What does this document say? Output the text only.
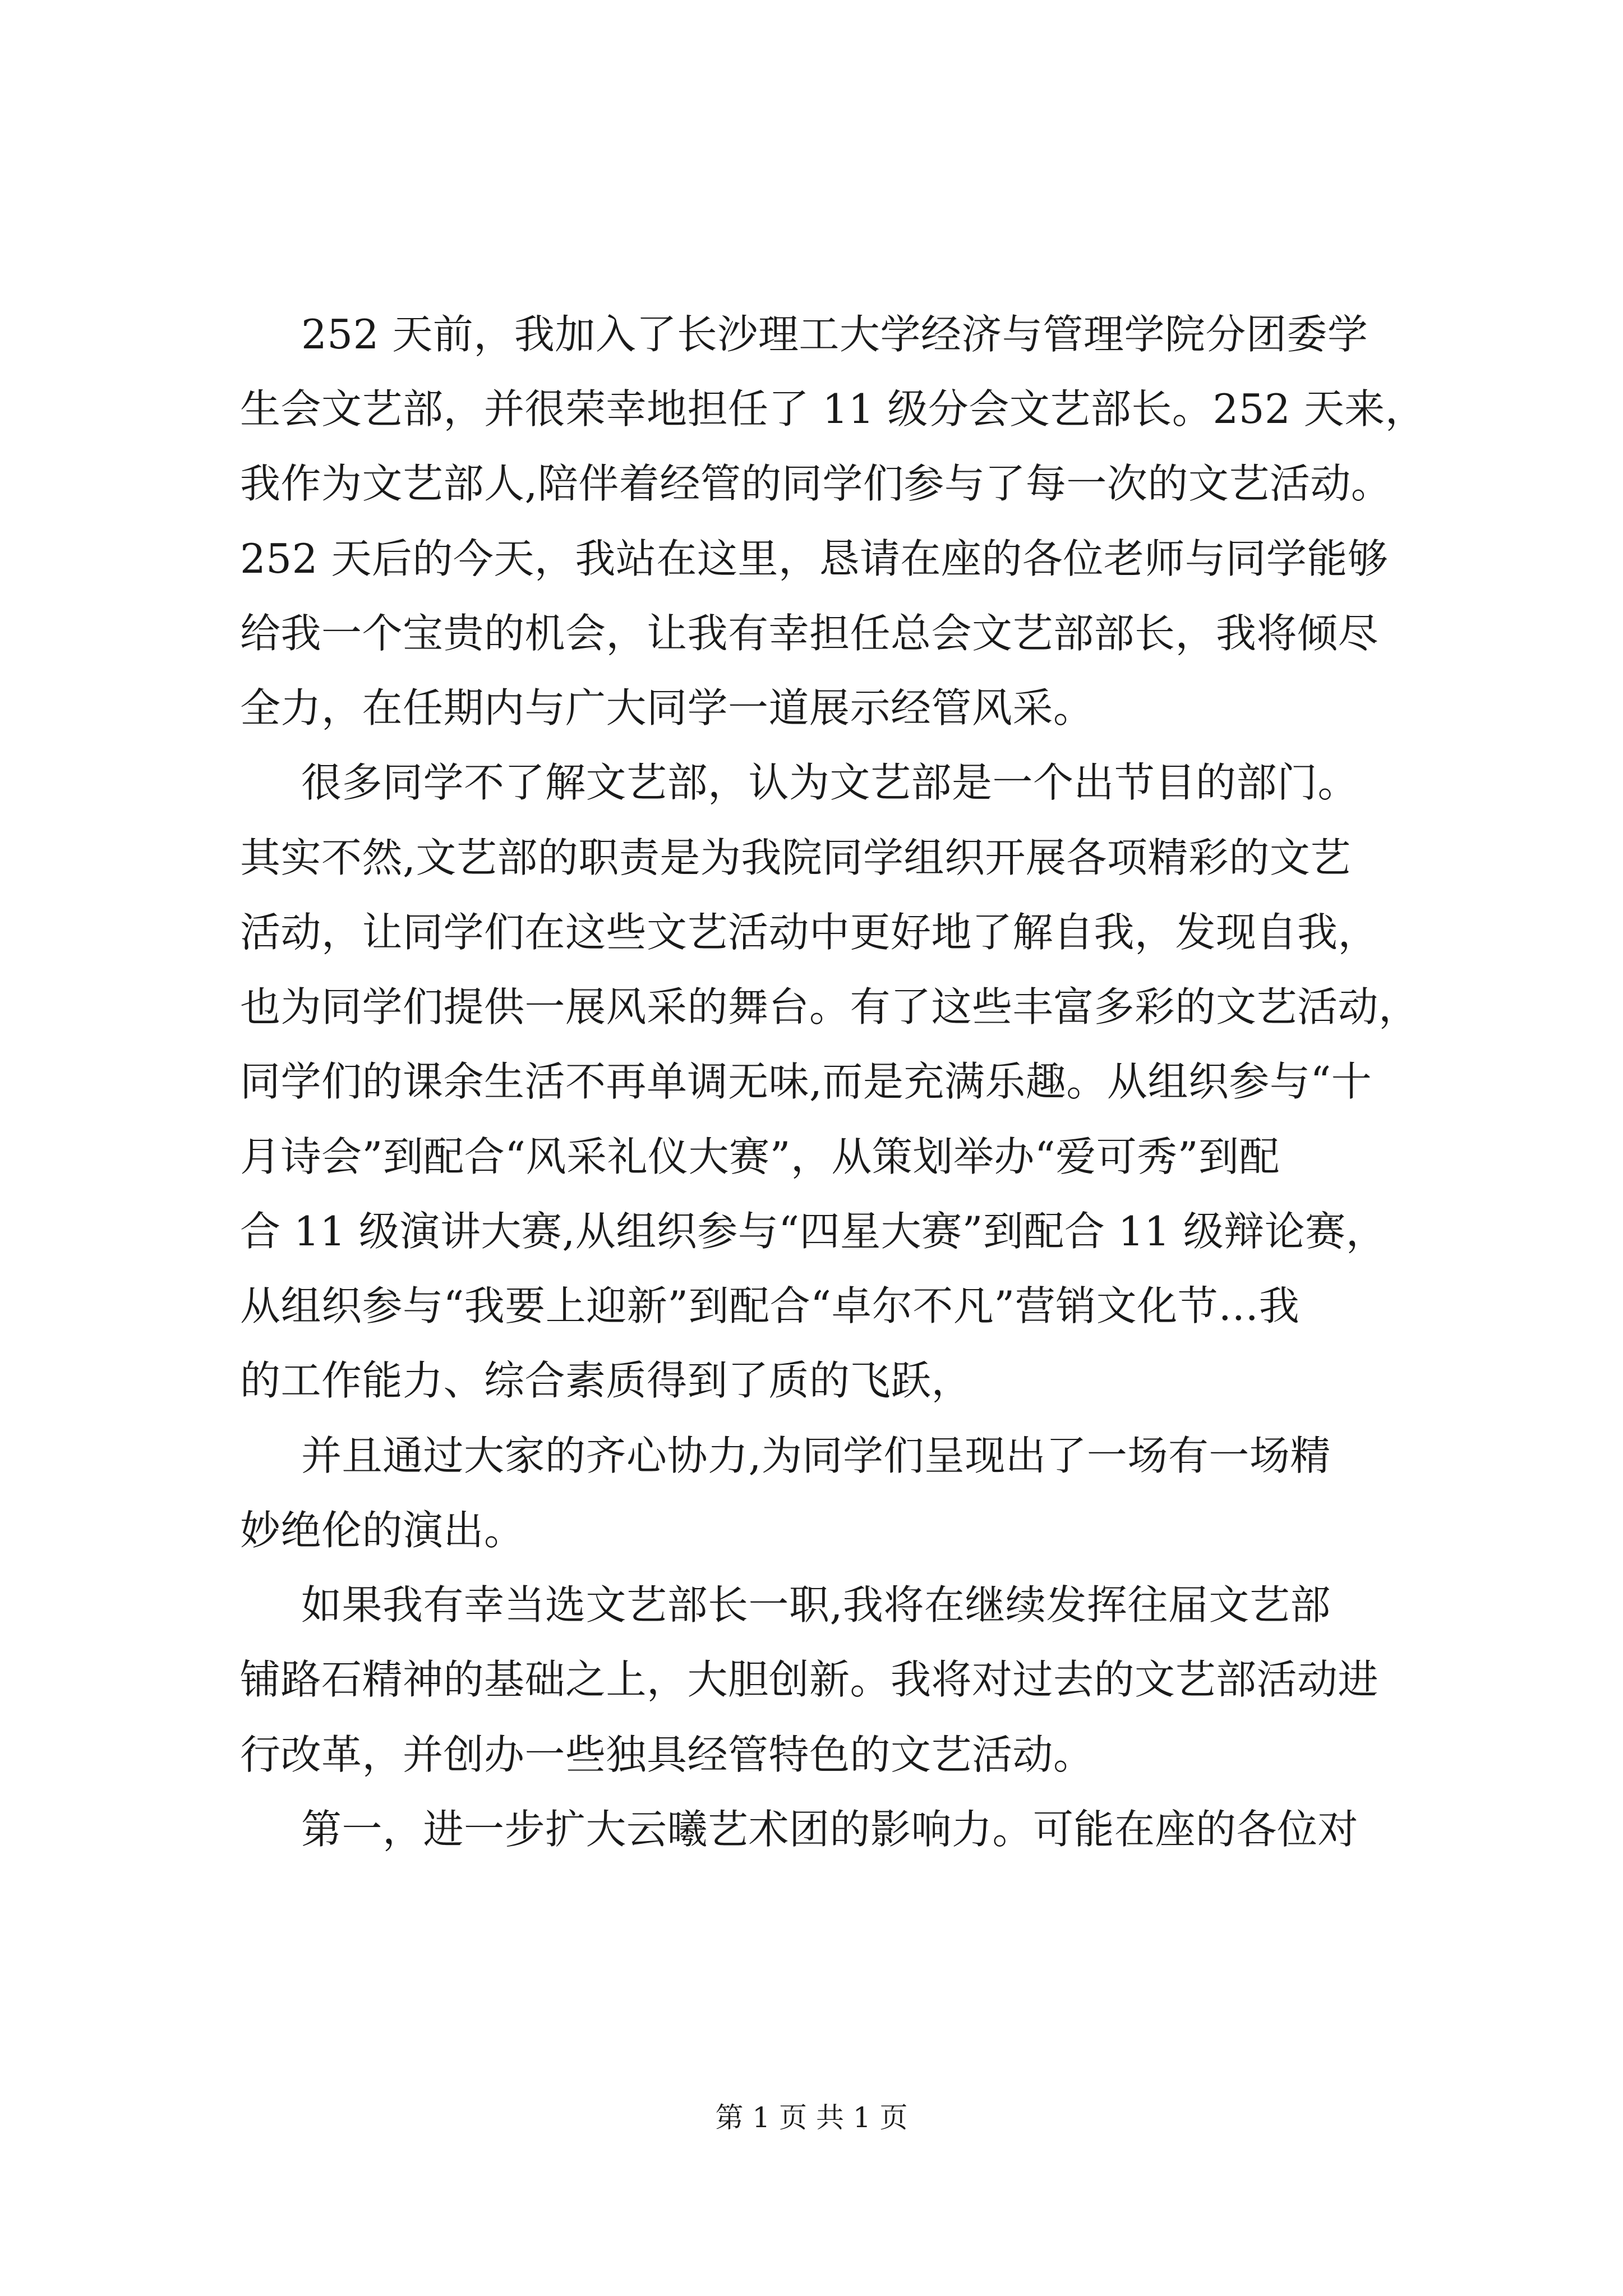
252 天前，我加入了长沙理工大学经济与管理学院分团委学
生会文艺部，并很荣幸地担任了 11 级分会文艺部长。252 天来，
我作为文艺部人,陪伴着经管的同学们参与了每一次的文艺活动。
252 天后的今天，我站在这里，恳请在座的各位老师与同学能够
给我一个宝贵的机会，让我有幸担任总会文艺部部长，我将倾尽
全力，在任期内与广大同学一道展示经管风采。
很多同学不了解文艺部，认为文艺部是一个出节目的部门。
其实不然,文艺部的职责是为我院同学组织开展各项精彩的文艺
活动，让同学们在这些文艺活动中更好地了解自我，发现自我，
也为同学们提供一展风采的舞台。有了这些丰富多彩的文艺活动，
同学们的课余生活不再单调无味,而是充满乐趣。从组织参与“十
月诗会”到配合“风采礼仪大赛”，从策划举办“爱可秀”到配
合 11 级演讲大赛,从组织参与“四星大赛”到配合 11 级辩论赛，
从组织参与“我要上迎新”到配合“卓尔不凡”营销文化节…我
的工作能力、综合素质得到了质的飞跃，
并且通过大家的齐心协力,为同学们呈现出了一场有一场精
妙绝伦的演出。
如果我有幸当选文艺部长一职,我将在继续发挥往届文艺部
铺路石精神的基础之上，大胆创新。我将对过去的文艺部活动进
行改革，并创办一些独具经管特色的文艺活动。
第一，进一步扩大云曦艺术团的影响力。可能在座的各位对
第 1 页 共 1 页
